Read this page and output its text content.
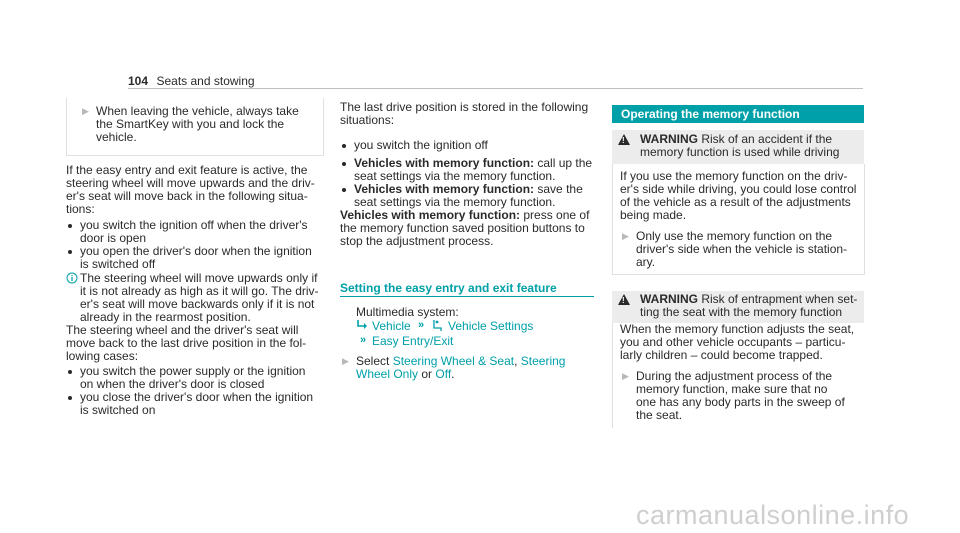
104 Seats and stowing
▶ When leaving the vehicle, always take
the SmartKey with you and lock the
vehicle.
If the easy entry and exit feature is active, the
steering wheel will move upwards and the driv-
er's seat will move back in the following situa-
tions:
you switch the ignition off when the driver's
door is open
you open the driver's door when the ignition
is switched off
The steering wheel will move upwards only if
it is not already as high as it will go. The driv-
er's seat will move backwards only if it is not
already in the rearmost position.
The steering wheel and the driver's seat will
move back to the last drive position in the fol-
lowing cases:
you switch the power supply or the ignition
on when the driver's door is closed
you close the driver's door when the ignition
is switched on
The last drive position is stored in the following
situations:
you switch the ignition off
Vehicles with memory function: call up the
seat settings via the memory function.
Vehicles with memory function: save the
seat settings via the memory function.
Vehicles with memory function: press one of
the memory function saved position buttons to
stop the adjustment process.
Setting the easy entry and exit feature
Multimedia system:
Vehicle » Vehicle Settings
» Easy Entry/Exit
▶ Select Steering Wheel & Seat, Steering
Wheel Only or Off.
Operating the memory function
! WARNING Risk of an accident if the
memory function is used while driving
If you use the memory function on the driv-
er's side while driving, you could lose control
of the vehicle as a result of the adjustments
being made.
▶ Only use the memory function on the
driver's side when the vehicle is station-
ary.
! WARNING Risk of entrapment when set-
ting the seat with the memory function
When the memory function adjusts the seat,
you and other vehicle occupants – particu-
larly children – could become trapped.
▶ During the adjustment process of the
memory function, make sure that no
one has any body parts in the sweep of
the seat.
carmanualsonline.info
